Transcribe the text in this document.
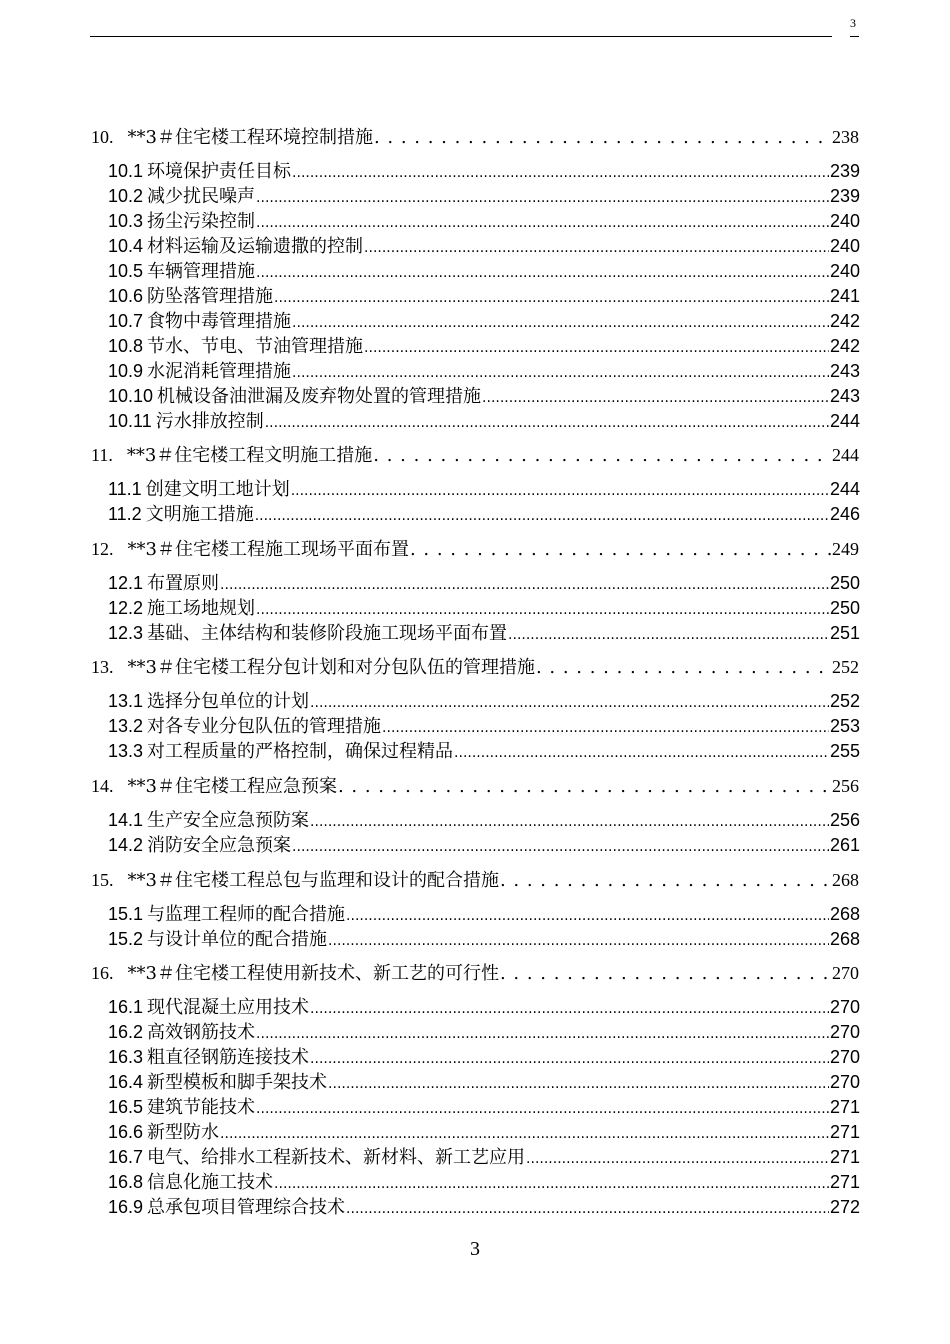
3
10. **3＃住宅楼工程环境控制措施 . . .	238
10.1 环境保护责任目标 .....	239
10.2 减少扰民噪声 .....	239
10.3 扬尘污染控制 .....	240
10.4 材料运输及运输遗撒的控制 .....	240
10.5 车辆管理措施 .....	240
10.6 防坠落管理措施 .....	241
10.7 食物中毒管理措施 .....	242
10.8 节水、节电、节油管理措施 .....	242
10.9 水泥消耗管理措施 .....	243
10.10 机械设备油泄漏及废弃物处置的管理措施 .....	243
10.11 污水排放控制 .....	244
11. **3＃住宅楼工程文明施工措施 . . .	244
11.1 创建文明工地计划 .....	244
11.2 文明施工措施 .....	246
12. **3＃住宅楼工程施工现场平面布置 . . .	249
12.1 布置原则 .....	250
12.2 施工场地规划 .....	250
12.3 基础、主体结构和装修阶段施工现场平面布置 .....	251
13. **3＃住宅楼工程分包计划和对分包队伍的管理措施 . . .	252
13.1 选择分包单位的计划 .....	252
13.2 对各专业分包队伍的管理措施 .....	253
13.3 对工程质量的严格控制，确保过程精品 .....	255
14. **3＃住宅楼工程应急预案 . . .	256
14.1 生产安全应急预防案 .....	256
14.2 消防安全应急预案 .....	261
15. **3＃住宅楼工程总包与监理和设计的配合措施 . . .	268
15.1 与监理工程师的配合措施 .....	268
15.2 与设计单位的配合措施 .....	268
16. **3＃住宅楼工程使用新技术、新工艺的可行性 . . .	270
16.1 现代混凝土应用技术 .....	270
16.2 高效钢筋技术 .....	270
16.3 粗直径钢筋连接技术 .....	270
16.4 新型模板和脚手架技术 .....	270
16.5 建筑节能技术 .....	271
16.6 新型防水 .....	271
16.7 电气、给排水工程新技术、新材料、新工艺应用 .....	271
16.8 信息化施工技术 .....	271
16.9 总承包项目管理综合技术 .....	272
3
